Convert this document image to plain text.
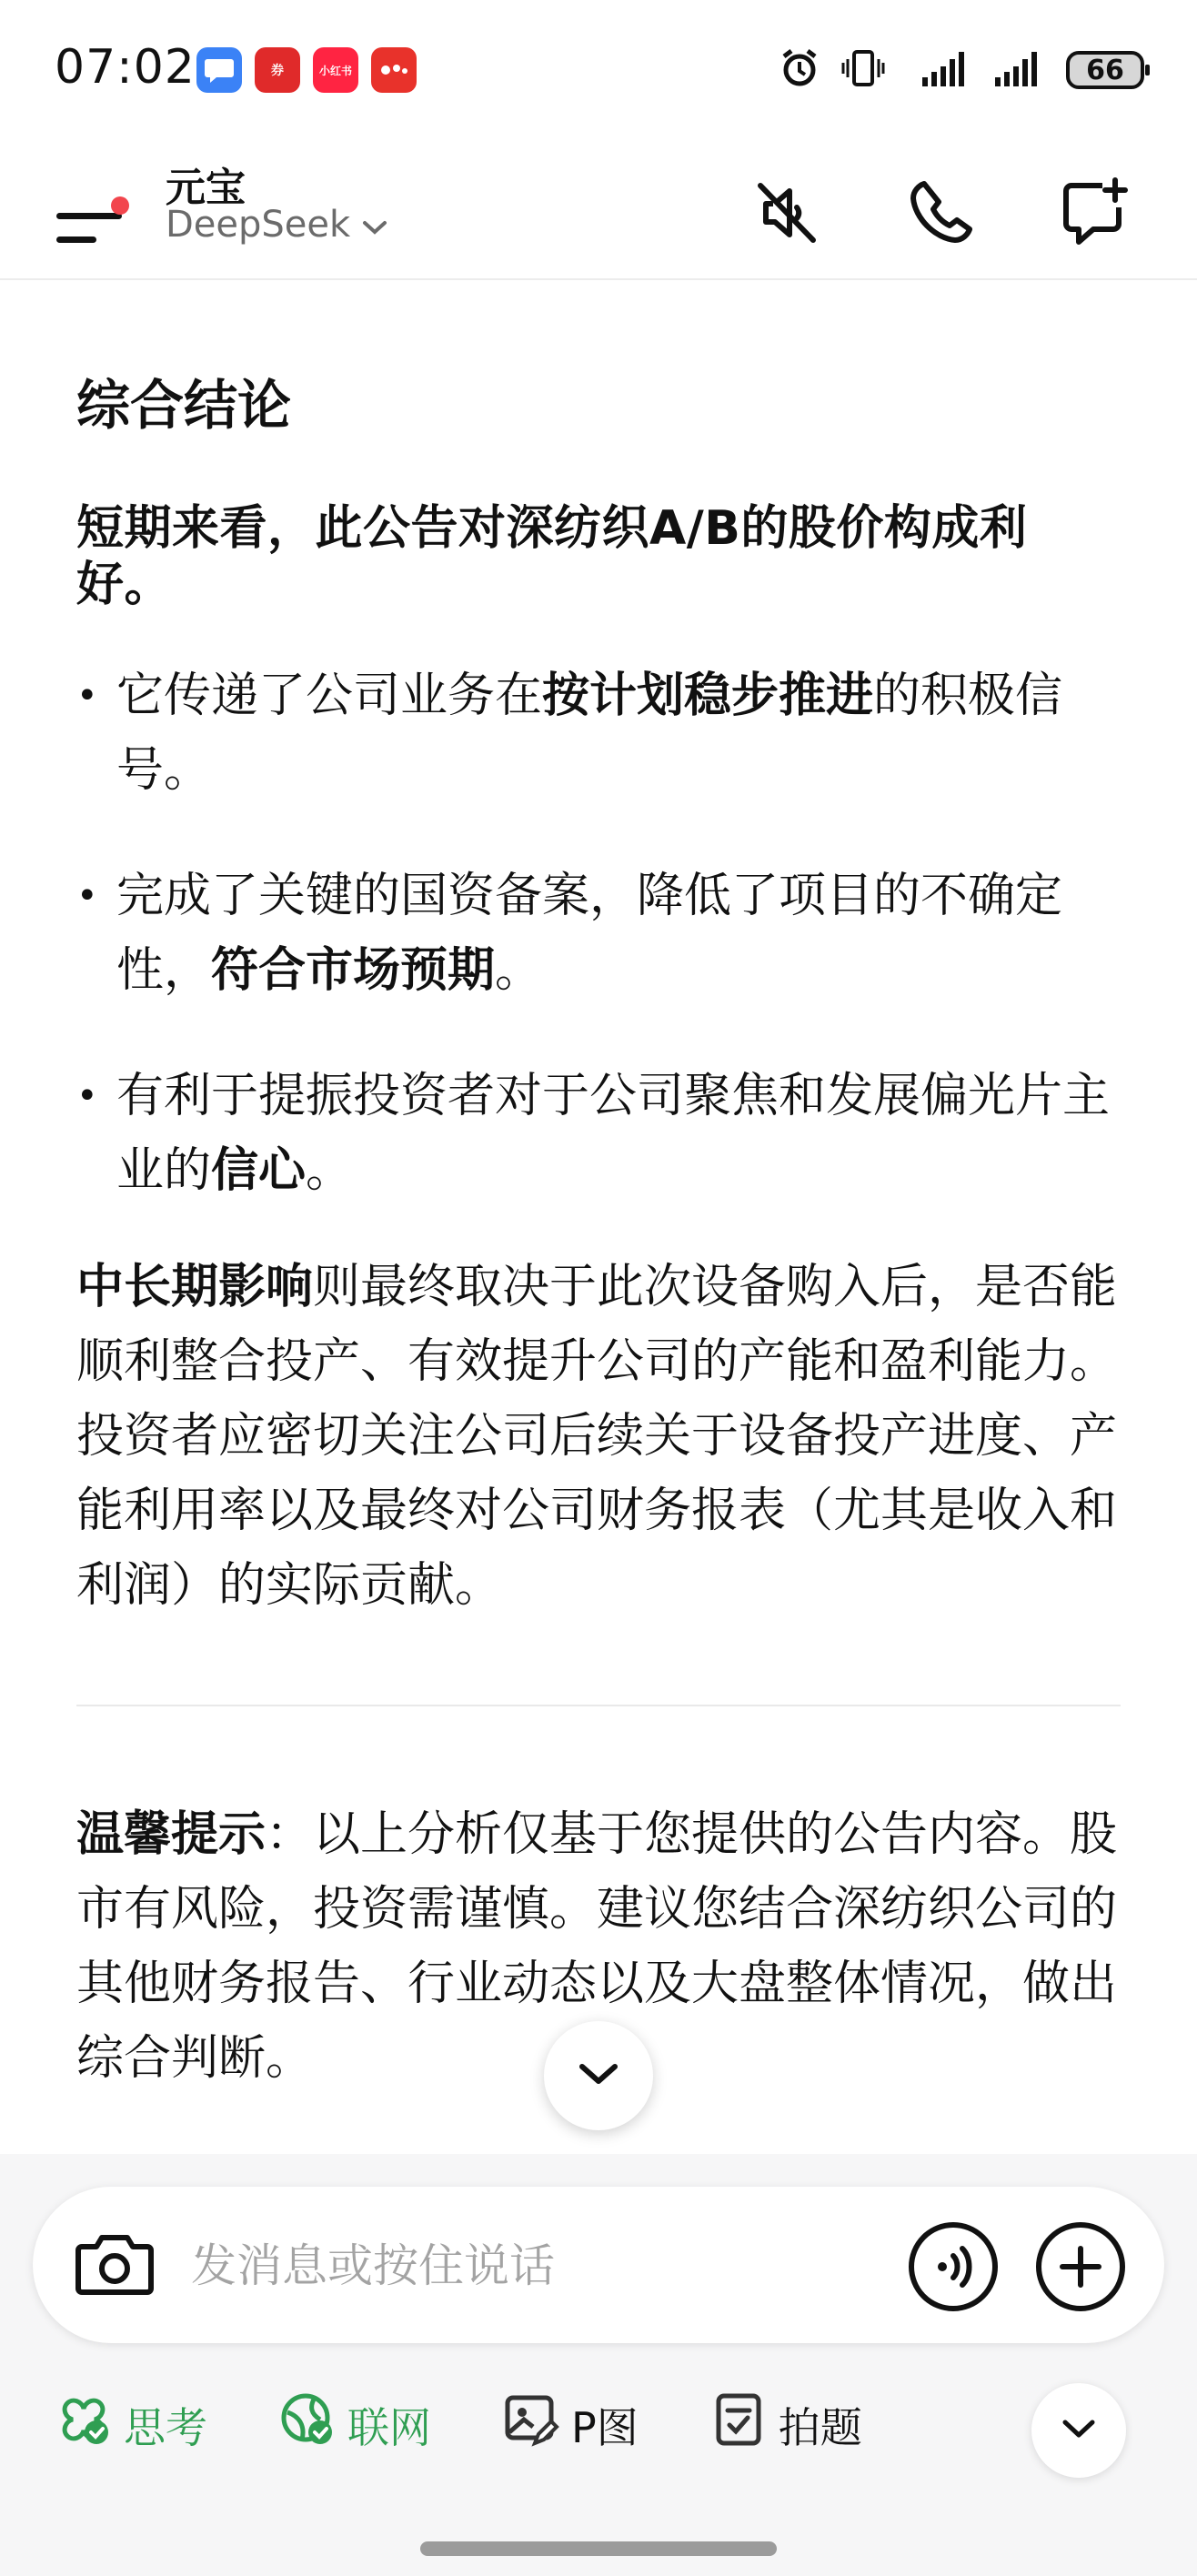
07:02	券	小红书	66
元宝
DeepSeek
综合结论
短期来看，此公告对深纺织A/B的股价构成利好。
• 它传递了公司业务在按计划稳步推进的积极信号。
• 完成了关键的国资备案，降低了项目的不确定性，符合市场预期。
• 有利于提振投资者对于公司聚焦和发展偏光片主业的信心。
中长期影响则最终取决于此次设备购入后，是否能顺利整合投产、有效提升公司的产能和盈利能力。投资者应密切关注公司后续关于设备投产进度、产能利用率以及最终对公司财务报表（尤其是收入和利润）的实际贡献。
温馨提示：以上分析仅基于您提供的公告内容。股市有风险，投资需谨慎。建议您结合深纺织公司的其他财务报告、行业动态以及大盘整体情况，做出综合判断。
发消息或按住说话
思考	联网	P图	拍题
